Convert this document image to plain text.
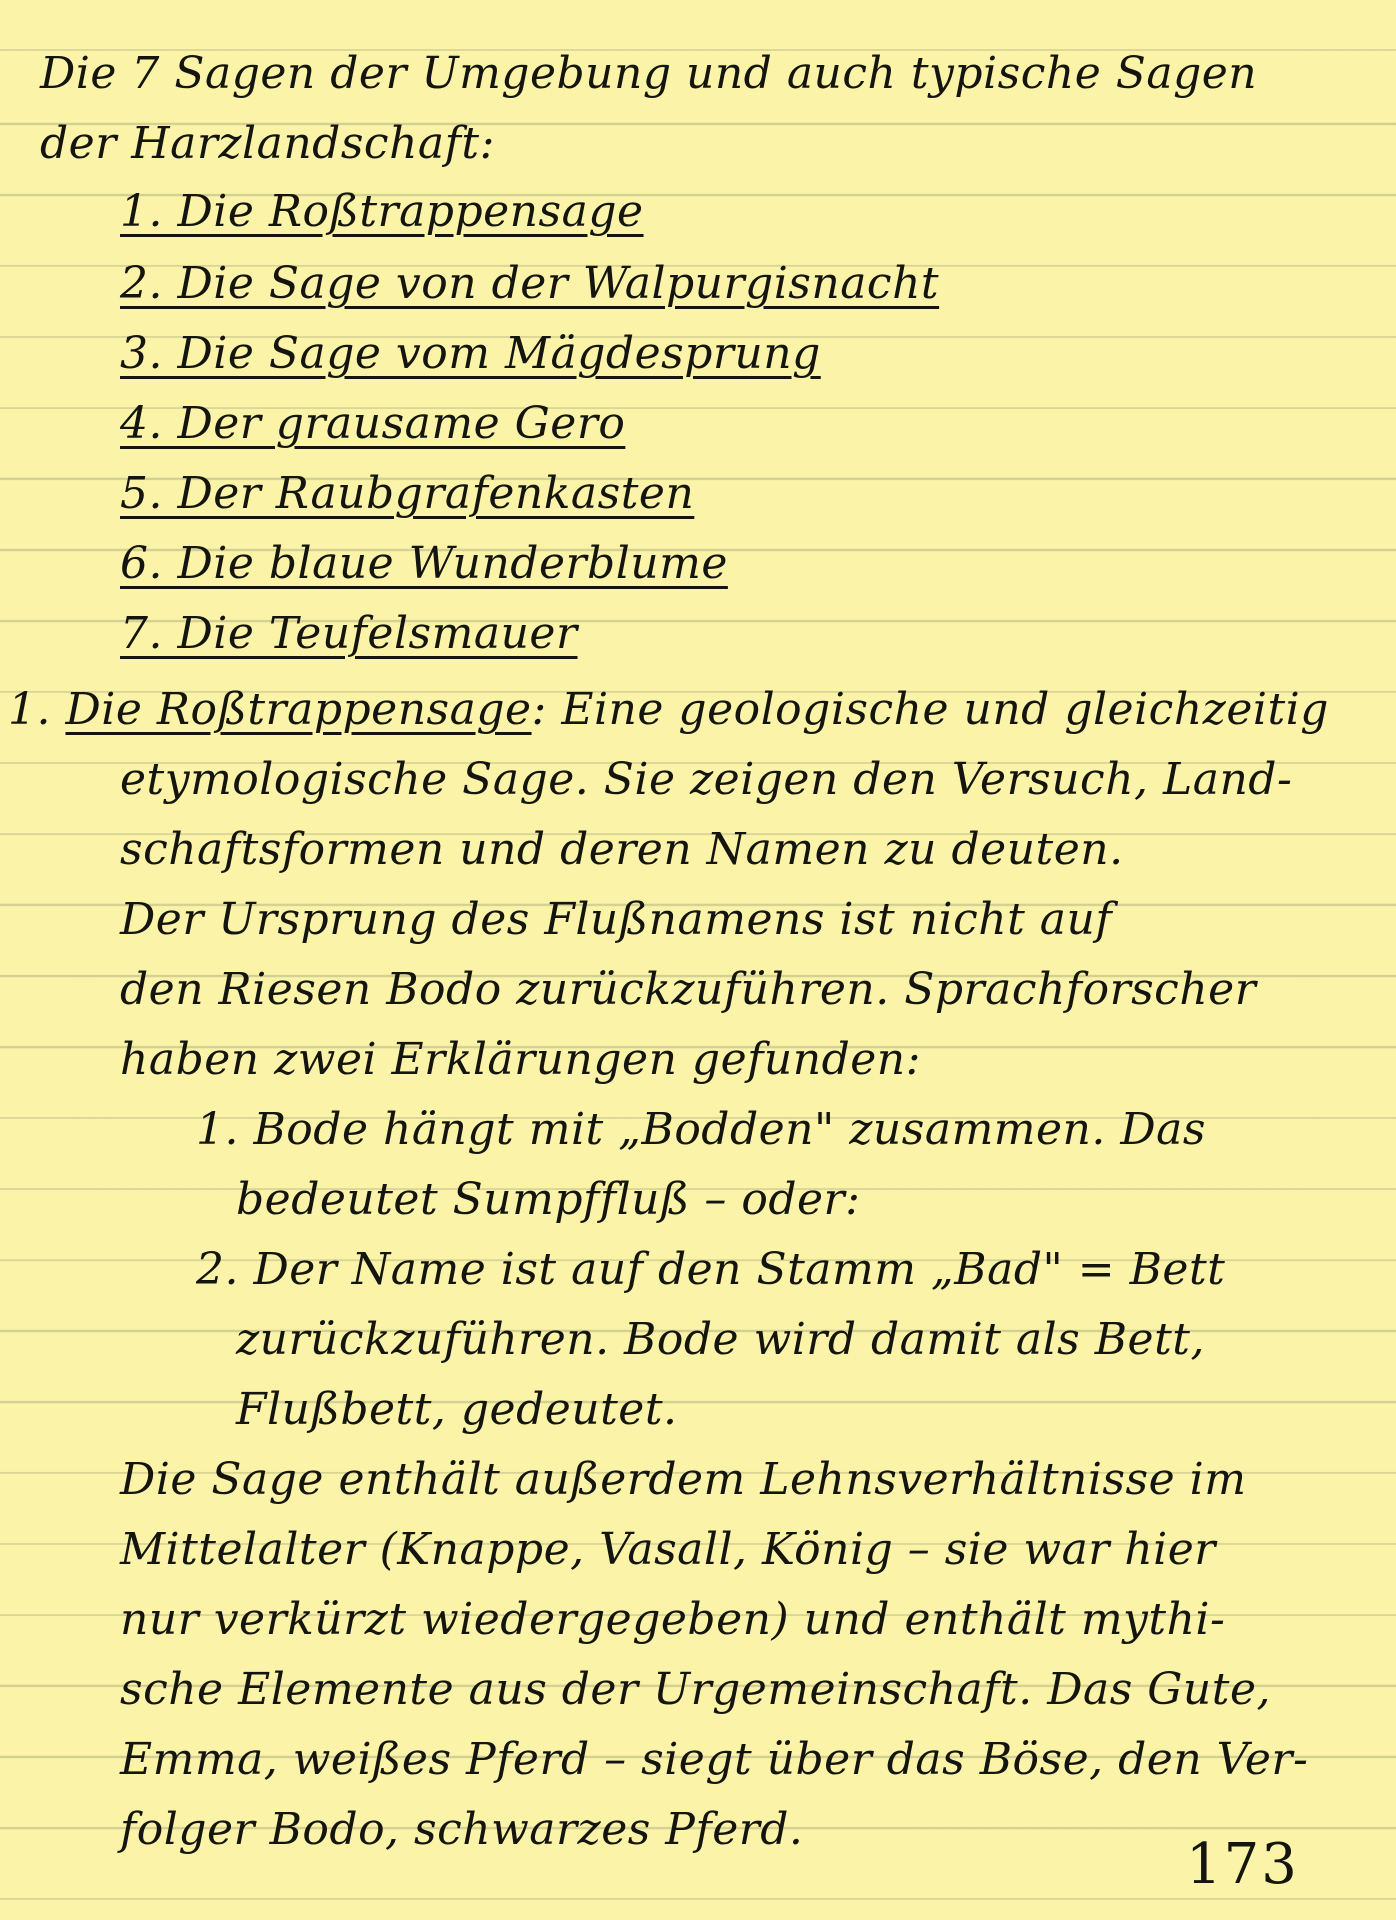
Die 7 Sagen der Umgebung und auch typische Sagen
der Harzlandschaft:
1. Die Roßtrappensage
2. Die Sage von der Walpurgisnacht
3. Die Sage vom Mägdesprung
4. Der grausame Gero
5. Der Raubgrafenkasten
6. Die blaue Wunderblume
7. Die Teufelsmauer
1. Die Roßtrappensage: Eine geologische und gleichzeitig
etymologische Sage. Sie zeigen den Versuch, Land-
schaftsformen und deren Namen zu deuten.
Der Ursprung des Flußnamens ist nicht auf
den Riesen Bodo zurückzuführen. Sprachforscher
haben zwei Erklärungen gefunden:
1. Bode hängt mit „Bodden" zusammen. Das
bedeutet Sumpffluß – oder:
2. Der Name ist auf den Stamm „Bad" = Bett
zurückzuführen. Bode wird damit als Bett,
Flußbett, gedeutet.
Die Sage enthält außerdem Lehnsverhältnisse im
Mittelalter (Knappe, Vasall, König – sie war hier
nur verkürzt wiedergegeben) und enthält mythi-
sche Elemente aus der Urgemeinschaft. Das Gute,
Emma, weißes Pferd – siegt über das Böse, den Ver-
folger Bodo, schwarzes Pferd.
173
